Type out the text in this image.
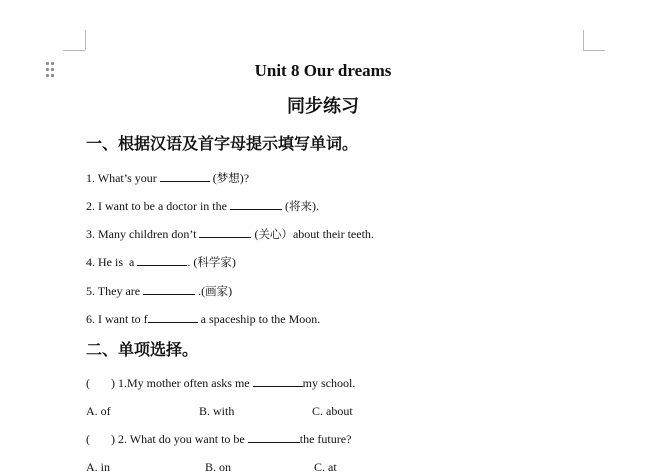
Unit 8 Our dreams
同步练习
一、根据汉语及首字母提示填写单词。
1. What’s your	(梦想)?
2. I want to be a doctor in the	(将来).
3. Many children don’t	(关心）about their teeth.
4. He is  a	. (科学家)
5. They are	.(画家)
6. I want to f	a spaceship to the Moon.
二、单项选择。
(       ) 1.My mother often asks me	my school.
A. of	B. with	C. about
(       ) 2. What do you want to be	the future?
A. in	B. on	C. at
